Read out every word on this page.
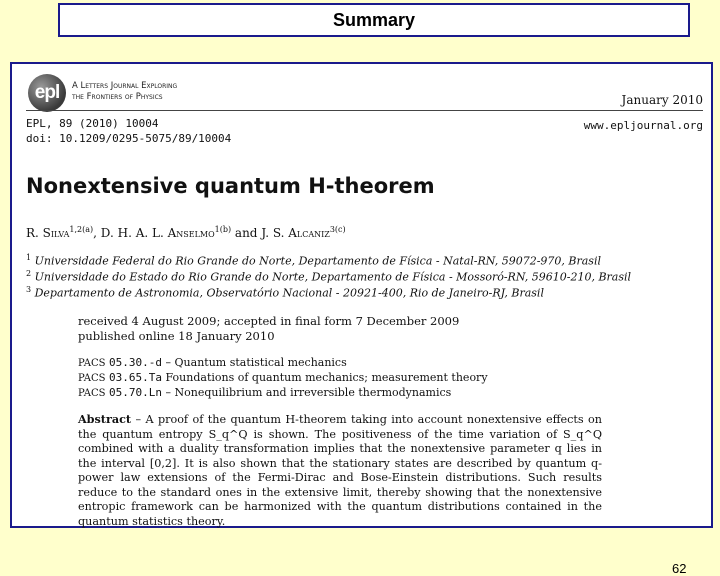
Summary
epl	A Letters Journal Exploring
the Frontiers of Physics	January 2010
EPL, 89 (2010) 10004
doi: 10.1209/0295-5075/89/10004
www.epljournal.org
Nonextensive quantum H-theorem
R. Silva$^{1,2(a)}$, D. H. A. L. Anselmo$^{1(b)}$ and J. S. Alcaniz$^{3(c)}$
$^1$ Universidade Federal do Rio Grande do Norte, Departamento de Física - Natal-RN, 59072-970, Brasil
$^2$ Universidade do Estado do Rio Grande do Norte, Departamento de Física - Mossoró-RN, 59610-210, Brasil
$^3$ Departamento de Astronomia, Observatório Nacional - 20921-400, Rio de Janeiro-RJ, Brasil
received 4 August 2009; accepted in final form 7 December 2009
published online 18 January 2010
PACS 05.30.-d – Quantum statistical mechanics
PACS 03.65.Ta Foundations of quantum mechanics; measurement theory
PACS 05.70.Ln – Nonequilibrium and irreversible thermodynamics
Abstract – A proof of the quantum H-theorem taking into account nonextensive effects on the quantum entropy S_q^Q is shown. The positiveness of the time variation of S_q^Q combined with a duality transformation implies that the nonextensive parameter q lies in the interval [0,2]. It is also shown that the stationary states are described by quantum q-power law extensions of the Fermi-Dirac and Bose-Einstein distributions. Such results reduce to the standard ones in the extensive limit, thereby showing that the nonextensive entropic framework can be harmonized with the quantum distributions contained in the quantum statistics theory.
62
